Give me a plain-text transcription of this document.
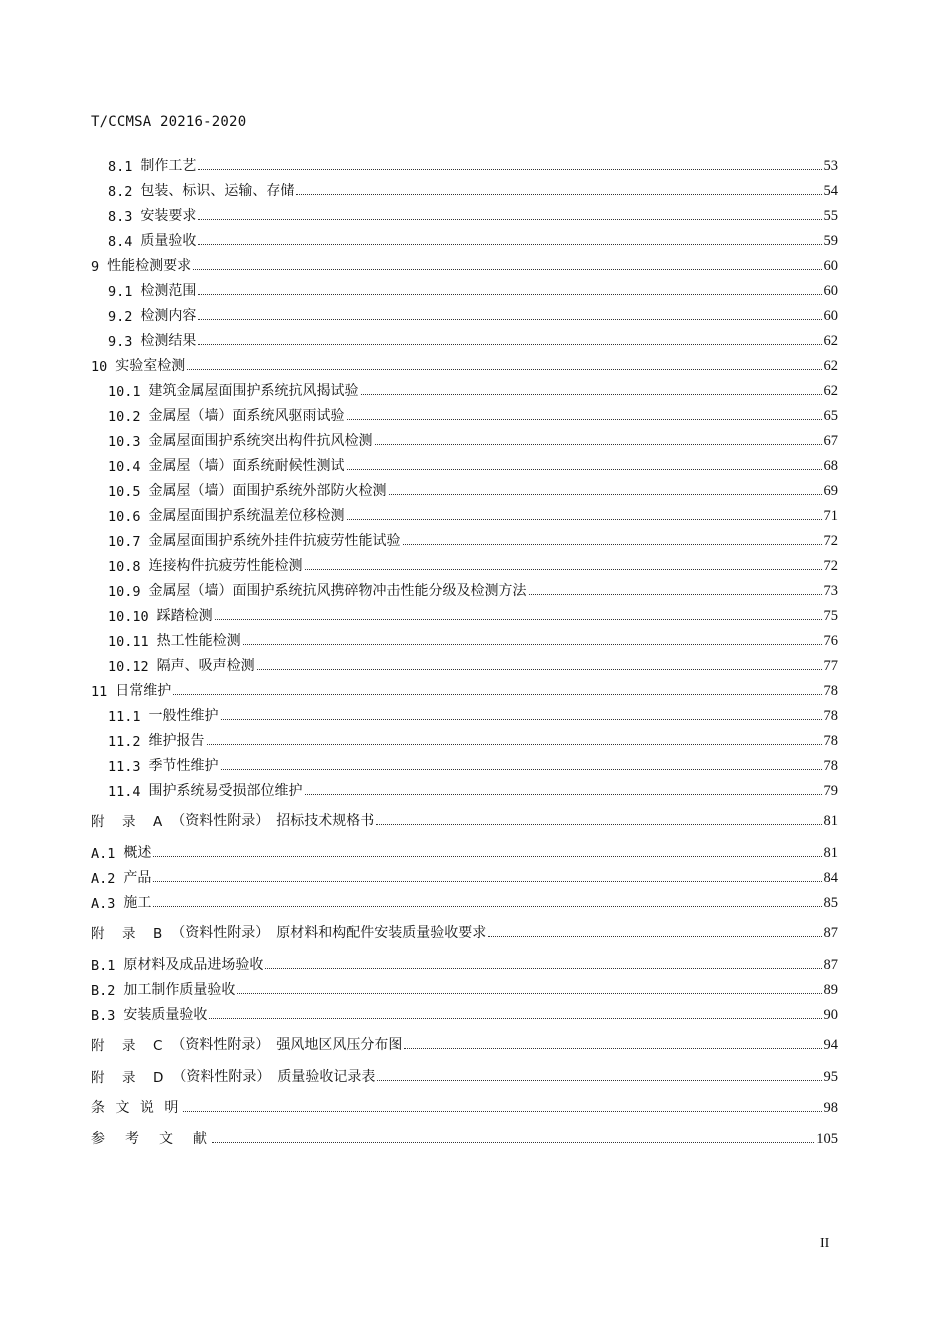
T/CCMSA 20216-2020
8.1 制作工艺	53
8.2 包装、标识、运输、存储	54
8.3 安装要求	55
8.4 质量验收	59
9 性能检测要求	60
9.1 检测范围	60
9.2 检测内容	60
9.3 检测结果	62
10 实验室检测	62
10.1 建筑金属屋面围护系统抗风揭试验	62
10.2 金属屋（墙）面系统风驱雨试验	65
10.3 金属屋面围护系统突出构件抗风检测	67
10.4 金属屋（墙）面系统耐候性测试	68
10.5 金属屋（墙）面围护系统外部防火检测	69
10.6 金属屋面围护系统温差位移检测	71
10.7 金属屋面围护系统外挂件抗疲劳性能试验	72
10.8 连接构件抗疲劳性能检测	72
10.9 金属屋（墙）面围护系统抗风携碎物冲击性能分级及检测方法	73
10.10 踩踏检测	75
10.11 热工性能检测	76
10.12 隔声、吸声检测	77
11 日常维护	78
11.1 一般性维护	78
11.2 维护报告	78
11.3 季节性维护	78
11.4 围护系统易受损部位维护	79
附　录　A 　（资料性附录）　招标技术规格书	81
A.1 概述	81
A.2 产品	84
A.3 施工	85
附　录　B 　（资料性附录）　原材料和构配件安装质量验收要求	87
B.1 原材料及成品进场验收	87
B.2 加工制作质量验收	89
B.3 安装质量验收	90
附　录　C 　（资料性附录）　强风地区风压分布图	94
附　录　D 　（资料性附录）　质量验收记录表	95
条 文 说 明	98
参　考　文　献	105
II
